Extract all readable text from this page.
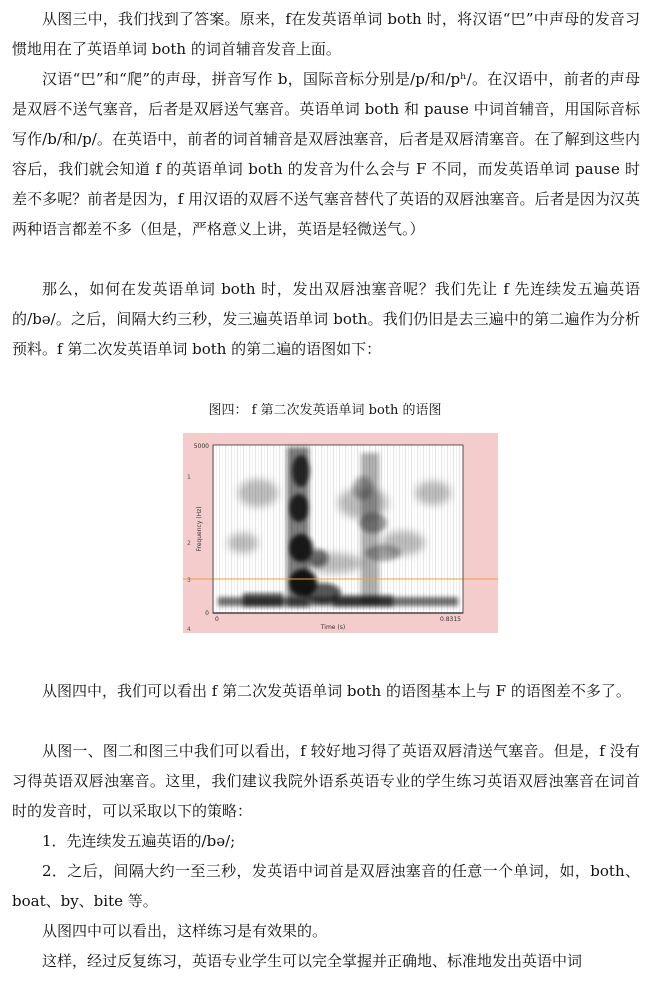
从图三中，我们找到了答案。原来，f在发英语单词 both 时，将汉语“巴”中声母的发音习惯地用在了英语单词 both 的词首辅音发音上面。

汉语“巴”和“爬”的声母，拼音写作 b，国际音标分别是/p/和/pʰ/。在汉语中，前者的声母是双唇不送气塞音，后者是双唇送气塞音。英语单词 both 和 pause 中词首辅音，用国际音标写作/b/和/p/。在英语中，前者的词首辅音是双唇浊塞音，后者是双唇清塞音。在了解到这些内容后，我们就会知道 f 的英语单词 both 的发音为什么会与 F 不同，而发英语单词 pause 时差不多呢？前者是因为，f 用汉语的双唇不送气塞音替代了英语的双唇浊塞音。后者是因为汉英两种语言都差不多（但是，严格意义上讲，英语是轻微送气。）

那么，如何在发英语单词 both 时，发出双唇浊塞音呢？我们先让 f 先连续发五遍英语的/bə/。之后，间隔大约三秒，发三遍英语单词 both。我们仍旧是去三遍中的第二遍作为分析预料。f 第二次发英语单词 both 的第二遍的语图如下：

图四： f 第二次发英语单词 both 的语图
5000
0
0	0.8315
1
2
3
4	Time (s)
Frequency (Hz)

从图四中，我们可以看出 f 第二次发英语单词 both 的语图基本上与 F 的语图差不多了。

从图一、图二和图三中我们可以看出，f 较好地习得了英语双唇清送气塞音。但是，f 没有习得英语双唇浊塞音。这里，我们建议我院外语系英语专业的学生练习英语双唇浊塞音在词首时的发音时，可以采取以下的策略：

1．先连续发五遍英语的/bə/;

2．之后，间隔大约一至三秒，发英语中词首是双唇浊塞音的任意一个单词，如，both、boat、by、bite 等。

从图四中可以看出，这样练习是有效果的。

这样，经过反复练习，英语专业学生可以完全掌握并正确地、标准地发出英语中词
